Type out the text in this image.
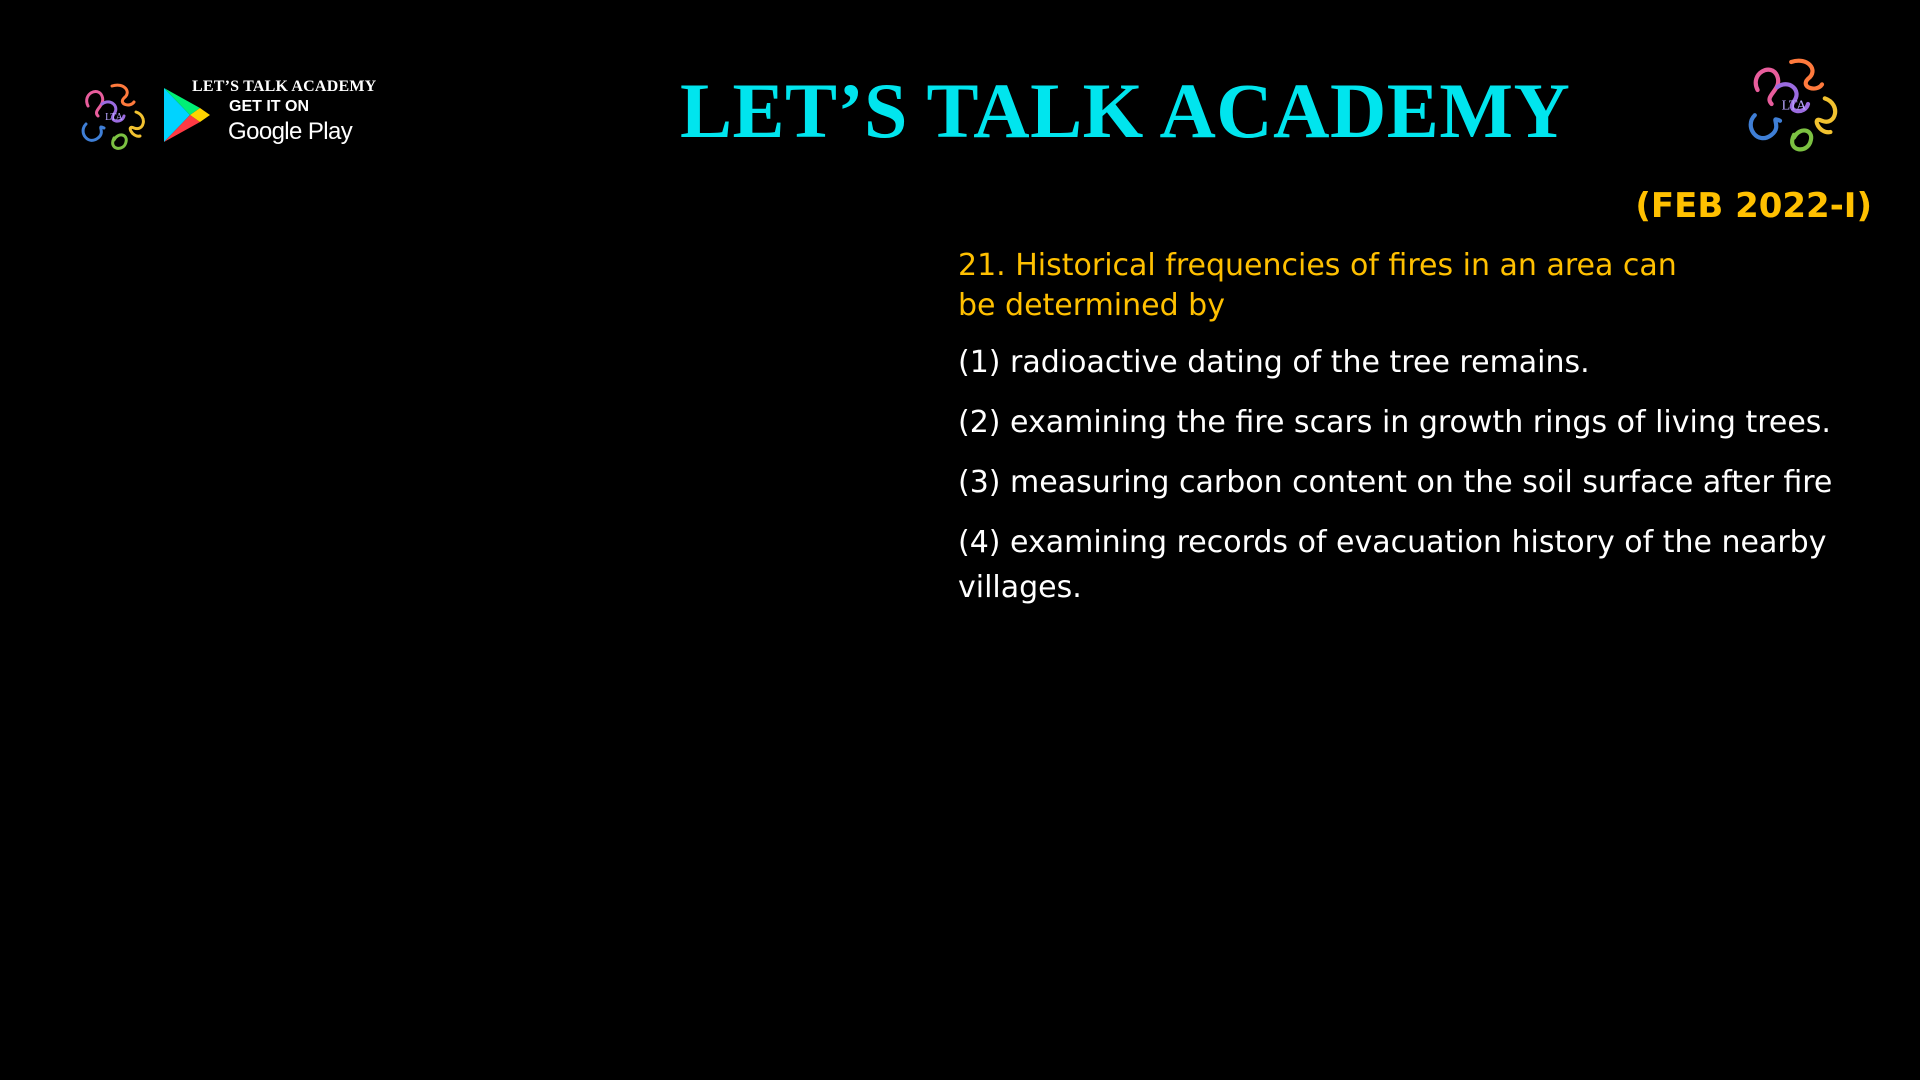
LTA
LET’S TALK ACADEMY
GET IT ON
Google Play	LET’S TALK ACADEMY	LTA
(FEB 2022-I)
21. Historical frequencies of fires in an area can be determined by
(1) radioactive dating of the tree remains.
(2) examining the fire scars in growth rings of living trees.
(3) measuring carbon content on the soil surface after fire
(4) examining records of evacuation history of the nearby villages.
